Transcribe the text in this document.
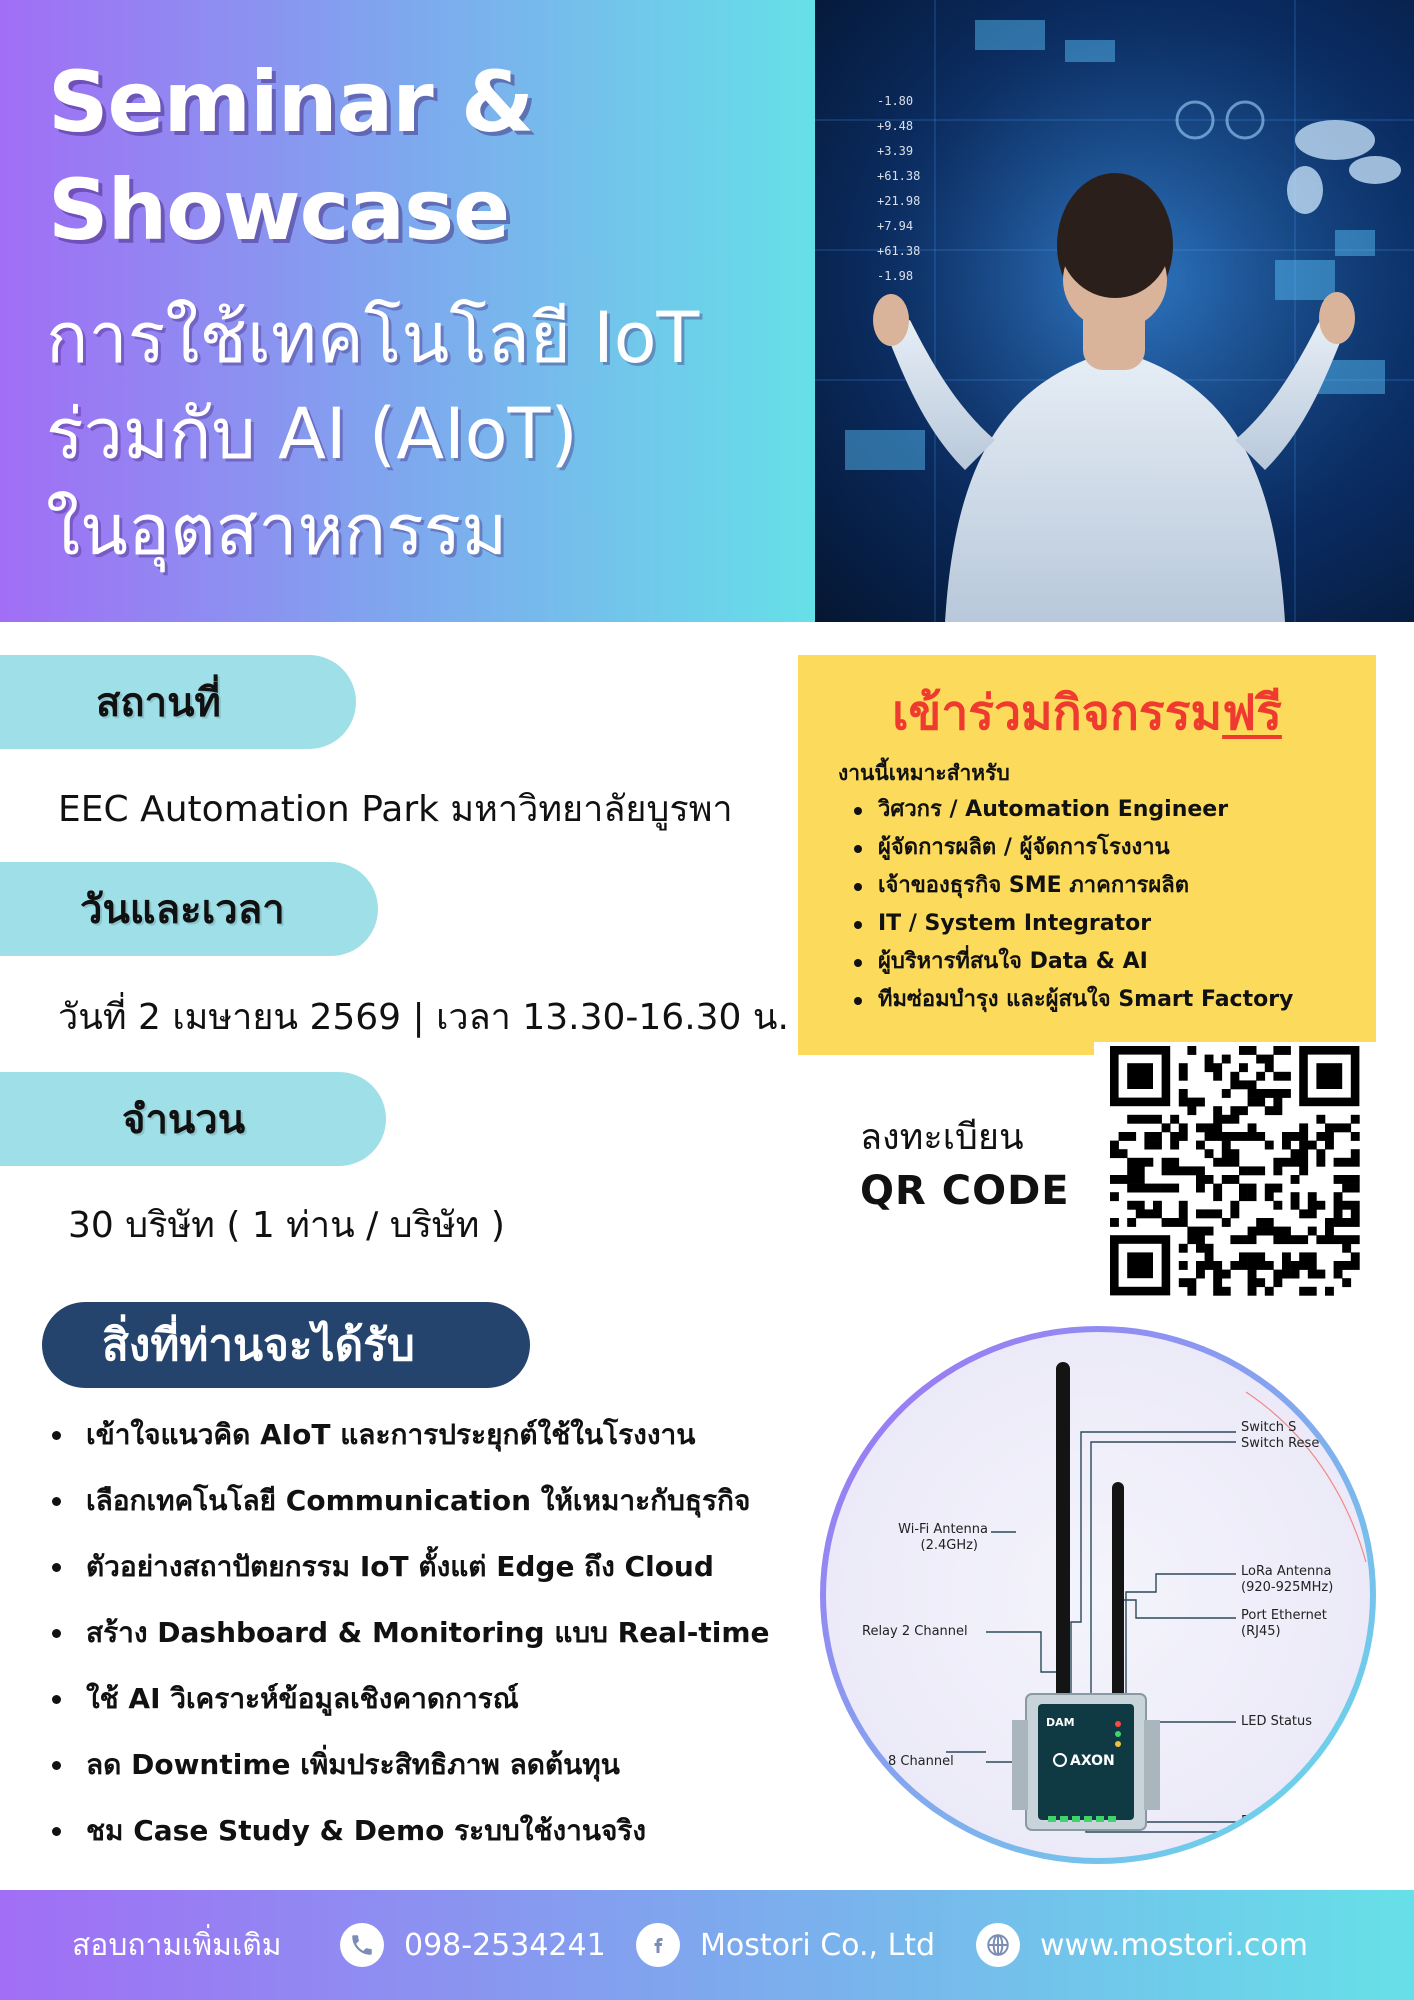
Seminar &
Showcase
การใช้เทคโนโลยี IoT
ร่วมกับ AI (AIoT)
ในอุตสาหกรรม
-1.80
+9.48
+3.39
+61.38
+21.98
+7.94
+61.38
-1.98
สถานที่
EEC Automation Park มหาวิทยาลัยบูรพา
วันและเวลา
วันที่ 2 เมษายน 2569 | เวลา 13.30-16.30 น.
จำนวน
30 บริษัท ( 1 ท่าน / บริษัท )
เข้าร่วมกิจกรรมฟรี
งานนี้เหมาะสำหรับ
วิศวกร / Automation Engineer
ผู้จัดการผลิต / ผู้จัดการโรงงาน
เจ้าของธุรกิจ SME ภาคการผลิต
IT / System Integrator
ผู้บริหารที่สนใจ Data & AI
ทีมซ่อมบำรุง และผู้สนใจ Smart Factory
ลงทะเบียน
QR CODE
สิ่งที่ท่านจะได้รับ
เข้าใจแนวคิด AIoT และการประยุกต์ใช้ในโรงงาน
เลือกเทคโนโลยี Communication ให้เหมาะกับธุรกิจ
ตัวอย่างสถาปัตยกรรม IoT ตั้งแต่ Edge ถึง Cloud
สร้าง Dashboard & Monitoring แบบ Real-time
ใช้ AI วิเคราะห์ข้อมูลเชิงคาดการณ์
ลด Downtime เพิ่มประสิทธิภาพ ลดต้นทุน
ชม Case Study & Demo ระบบใช้งานจริง
DAM
AXON
Switch S
Switch Rese
Wi-Fi Antenna
(2.4GHz)
LoRa Antenna
(920-925MHz)
Port Ethernet
(RJ45)
Relay 2 Channel
LED Status
nput 8 Channel
DC JAC
Ter
สอบถามเพิ่มเติม	098-2534241	Mostori Co., Ltd	www.mostori.com
